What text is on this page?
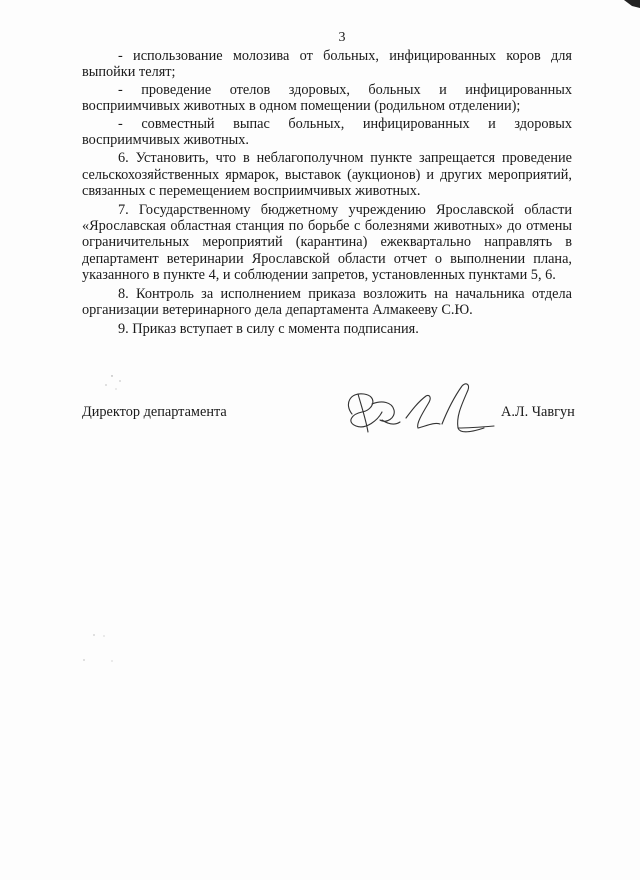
3

- использование молозива от больных, инфицированных коров для выпойки телят;

- проведение отелов здоровых, больных и инфицированных восприимчивых животных в одном помещении (родильном отделении);

- совместный выпас больных, инфицированных и здоровых восприимчивых животных.

6. Установить, что в неблагополучном пункте запрещается проведение сельскохозяйственных ярмарок, выставок (аукционов) и других мероприятий, связанных с перемещением восприимчивых животных.

7. Государственному бюджетному учреждению Ярославской области «Ярославская областная станция по борьбе с болезнями животных» до отмены ограничительных мероприятий (карантина) ежеквартально направлять в департамент ветеринарии Ярославской области отчет о выполнении плана, указанного в пункте 4, и соблюдении запретов, установленных пунктами 5, 6.

8. Контроль за исполнением приказа возложить на начальника отдела организации ветеринарного дела департамента Алмакееву С.Ю.

9. Приказ вступает в силу с момента подписания.

Директор департамента	А.Л. Чавгун
